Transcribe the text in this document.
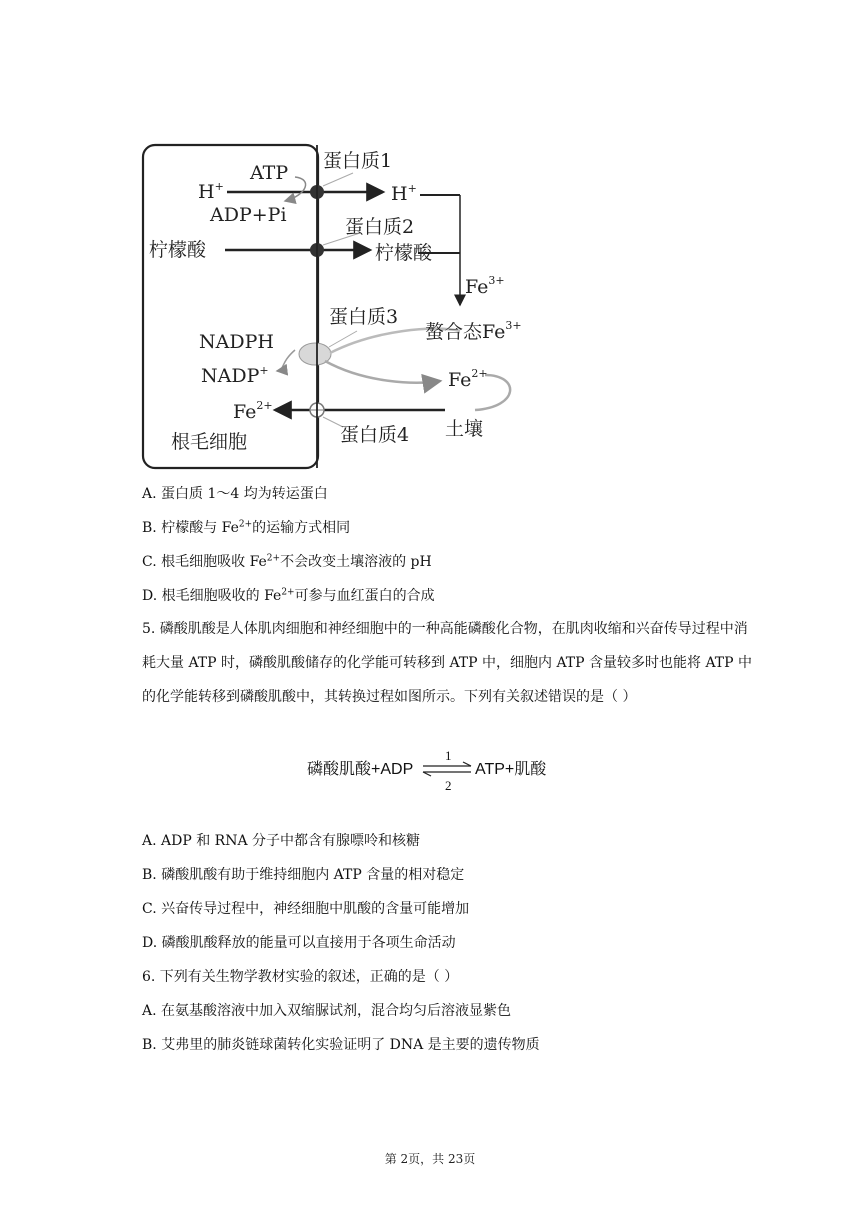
ATP
H+
ADP+Pi
蛋白质1
H+
蛋白质2
柠檬酸	柠檬酸
$Fe^{3+}$
蛋白质3
螯合态$Fe^{3+}$
NADPH
NADP+	$Fe^{2+}$
$Fe^{2+}$
根毛细胞	蛋白质4 土壤
A. 蛋白质 1～4 均为转运蛋白
B. 柠檬酸与 $Fe^{2+}$的运输方式相同
C. 根毛细胞吸收 $Fe^{2+}$不会改变土壤溶液的 pH
D. 根毛细胞吸收的 $Fe^{2+}$可参与血红蛋白的合成
5. 磷酸肌酸是人体肌肉细胞和神经细胞中的一种高能磷酸化合物，在肌肉收缩和兴奋传导过程中消耗大量 ATP 时，磷酸肌酸储存的化学能可转移到 ATP 中，细胞内 ATP 含量较多时也能将 ATP 中的化学能转移到磷酸肌酸中，其转换过程如图所示。下列有关叙述错误的是（ ）
磷酸肌酸+ADP
1
2
ATP+肌酸
A. ADP 和 RNA 分子中都含有腺嘌呤和核糖
B. 磷酸肌酸有助于维持细胞内 ATP 含量的相对稳定
C. 兴奋传导过程中，神经细胞中肌酸的含量可能增加
D. 磷酸肌酸释放的能量可以直接用于各项生命活动
6. 下列有关生物学教材实验的叙述，正确的是（ ）
A. 在氨基酸溶液中加入双缩脲试剂，混合均匀后溶液显紫色
B. 艾弗里的肺炎链球菌转化实验证明了 DNA 是主要的遗传物质
第 2页，共 23页
